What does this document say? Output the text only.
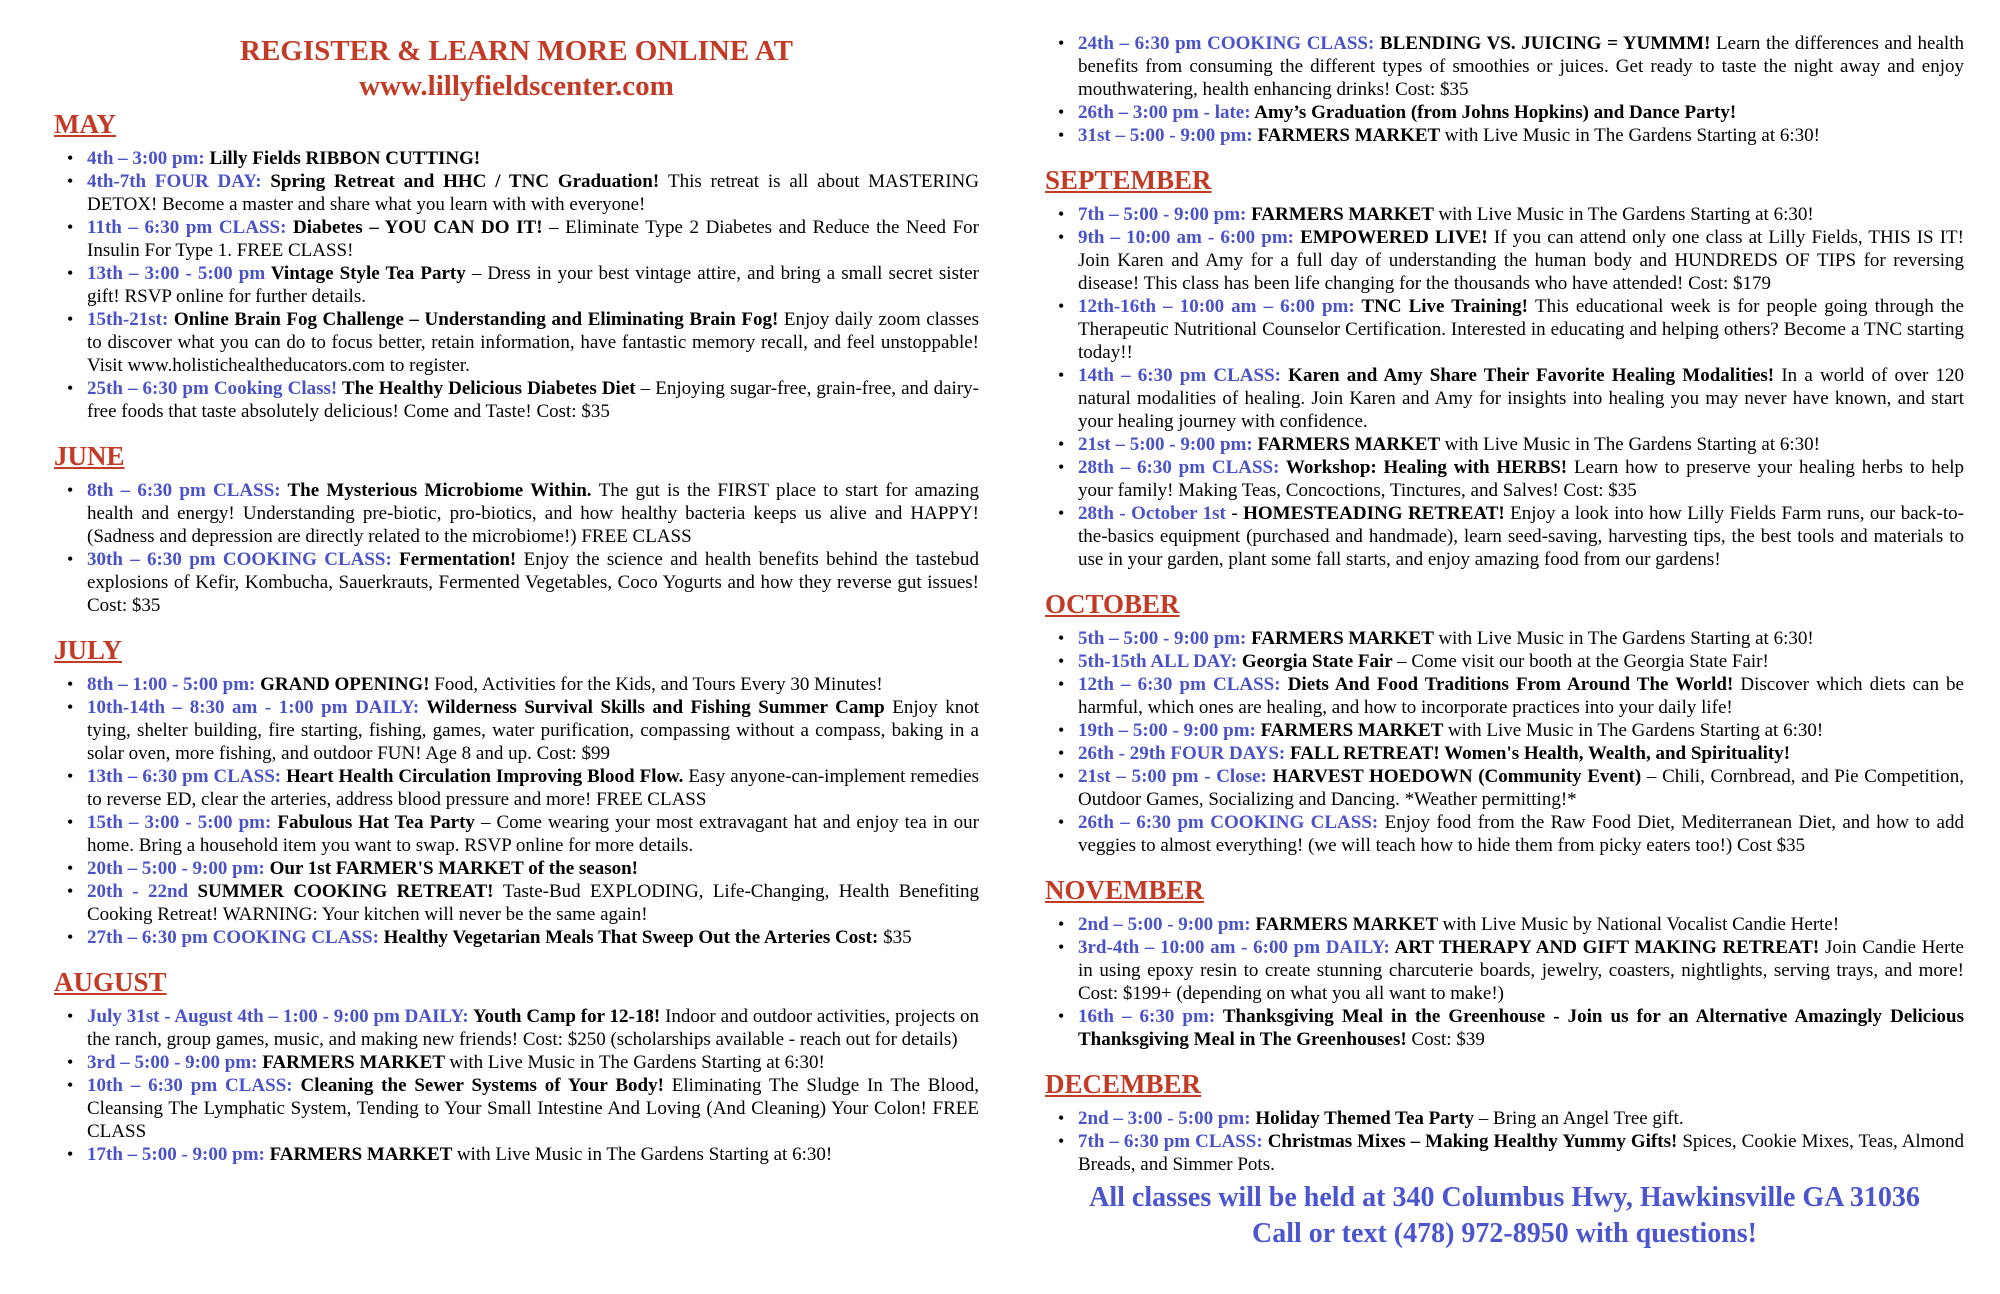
REGISTER & LEARN MORE ONLINE AT
www.lillyfieldscenter.com
MAY
• 4th – 3:00 pm: Lilly Fields RIBBON CUTTING!
• 4th-7th FOUR DAY: Spring Retreat and HHC / TNC Graduation! This retreat is all about MASTERING DETOX! Become a master and share what you learn with with everyone!
• 11th – 6:30 pm CLASS: Diabetes – YOU CAN DO IT! – Eliminate Type 2 Diabetes and Reduce the Need For Insulin For Type 1. FREE CLASS!
• 13th – 3:00 - 5:00 pm Vintage Style Tea Party – Dress in your best vintage attire, and bring a small secret sister gift! RSVP online for further details.
• 15th-21st: Online Brain Fog Challenge – Understanding and Eliminating Brain Fog! Enjoy daily zoom classes to discover what you can do to focus better, retain information, have fantastic memory recall, and feel unstoppable! Visit www.holistichealtheducators.com to register.
• 25th – 6:30 pm Cooking Class! The Healthy Delicious Diabetes Diet – Enjoying sugar-free, grain-free, and dairy-free foods that taste absolutely delicious! Come and Taste! Cost: $35
JUNE
• 8th – 6:30 pm CLASS: The Mysterious Microbiome Within. The gut is the FIRST place to start for amazing health and energy! Understanding pre-biotic, pro-biotics, and how healthy bacteria keeps us alive and HAPPY! (Sadness and depression are directly related to the microbiome!) FREE CLASS
• 30th – 6:30 pm COOKING CLASS: Fermentation! Enjoy the science and health benefits behind the tastebud explosions of Kefir, Kombucha, Sauerkrauts, Fermented Vegetables, Coco Yogurts and how they reverse gut issues! Cost: $35
JULY
• 8th – 1:00 - 5:00 pm: GRAND OPENING! Food, Activities for the Kids, and Tours Every 30 Minutes!
• 10th-14th – 8:30 am - 1:00 pm DAILY: Wilderness Survival Skills and Fishing Summer Camp Enjoy knot tying, shelter building, fire starting, fishing, games, water purification, compassing without a compass, baking in a solar oven, more fishing, and outdoor FUN! Age 8 and up. Cost: $99
• 13th – 6:30 pm CLASS: Heart Health Circulation Improving Blood Flow. Easy anyone-can-implement remedies to reverse ED, clear the arteries, address blood pressure and more! FREE CLASS
• 15th – 3:00 - 5:00 pm: Fabulous Hat Tea Party – Come wearing your most extravagant hat and enjoy tea in our home. Bring a household item you want to swap. RSVP online for more details.
• 20th – 5:00 - 9:00 pm: Our 1st FARMER'S MARKET of the season!
• 20th - 22nd SUMMER COOKING RETREAT! Taste-Bud EXPLODING, Life-Changing, Health Benefiting Cooking Retreat! WARNING: Your kitchen will never be the same again!
• 27th – 6:30 pm COOKING CLASS: Healthy Vegetarian Meals That Sweep Out the Arteries Cost: $35
AUGUST
• July 31st - August 4th – 1:00 - 9:00 pm DAILY: Youth Camp for 12-18! Indoor and outdoor activities, projects on the ranch, group games, music, and making new friends! Cost: $250 (scholarships available - reach out for details)
• 3rd – 5:00 - 9:00 pm: FARMERS MARKET with Live Music in The Gardens Starting at 6:30!
• 10th – 6:30 pm CLASS: Cleaning the Sewer Systems of Your Body! Eliminating The Sludge In The Blood, Cleansing The Lymphatic System, Tending to Your Small Intestine And Loving (And Cleaning) Your Colon! FREE CLASS
• 17th – 5:00 - 9:00 pm: FARMERS MARKET with Live Music in The Gardens Starting at 6:30!
• 24th – 6:30 pm COOKING CLASS: BLENDING VS. JUICING = YUMMM! Learn the differences and health benefits from consuming the different types of smoothies or juices. Get ready to taste the night away and enjoy mouthwatering, health enhancing drinks! Cost: $35
• 26th – 3:00 pm - late: Amy’s Graduation (from Johns Hopkins) and Dance Party!
• 31st – 5:00 - 9:00 pm: FARMERS MARKET with Live Music in The Gardens Starting at 6:30!
SEPTEMBER
• 7th – 5:00 - 9:00 pm: FARMERS MARKET with Live Music in The Gardens Starting at 6:30!
• 9th – 10:00 am - 6:00 pm: EMPOWERED LIVE! If you can attend only one class at Lilly Fields, THIS IS IT! Join Karen and Amy for a full day of understanding the human body and HUNDREDS OF TIPS for reversing disease! This class has been life changing for the thousands who have attended! Cost: $179
• 12th-16th – 10:00 am – 6:00 pm: TNC Live Training! This educational week is for people going through the Therapeutic Nutritional Counselor Certification. Interested in educating and helping others? Become a TNC starting today!!
• 14th – 6:30 pm CLASS: Karen and Amy Share Their Favorite Healing Modalities! In a world of over 120 natural modalities of healing. Join Karen and Amy for insights into healing you may never have known, and start your healing journey with confidence.
• 21st – 5:00 - 9:00 pm: FARMERS MARKET with Live Music in The Gardens Starting at 6:30!
• 28th – 6:30 pm CLASS: Workshop: Healing with HERBS! Learn how to preserve your healing herbs to help your family! Making Teas, Concoctions, Tinctures, and Salves! Cost: $35
• 28th - October 1st - HOMESTEADING RETREAT! Enjoy a look into how Lilly Fields Farm runs, our back-to-the-basics equipment (purchased and handmade), learn seed-saving, harvesting tips, the best tools and materials to use in your garden, plant some fall starts, and enjoy amazing food from our gardens!
OCTOBER
• 5th – 5:00 - 9:00 pm: FARMERS MARKET with Live Music in The Gardens Starting at 6:30!
• 5th-15th ALL DAY: Georgia State Fair – Come visit our booth at the Georgia State Fair!
• 12th – 6:30 pm CLASS: Diets And Food Traditions From Around The World! Discover which diets can be harmful, which ones are healing, and how to incorporate practices into your daily life!
• 19th – 5:00 - 9:00 pm: FARMERS MARKET with Live Music in The Gardens Starting at 6:30!
• 26th - 29th FOUR DAYS: FALL RETREAT! Women's Health, Wealth, and Spirituality!
• 21st – 5:00 pm - Close: HARVEST HOEDOWN (Community Event) – Chili, Cornbread, and Pie Competition, Outdoor Games, Socializing and Dancing. *Weather permitting!*
• 26th – 6:30 pm COOKING CLASS: Enjoy food from the Raw Food Diet, Mediterranean Diet, and how to add veggies to almost everything! (we will teach how to hide them from picky eaters too!) Cost $35
NOVEMBER
• 2nd – 5:00 - 9:00 pm: FARMERS MARKET with Live Music by National Vocalist Candie Herte!
• 3rd-4th – 10:00 am - 6:00 pm DAILY: ART THERAPY AND GIFT MAKING RETREAT! Join Candie Herte in using epoxy resin to create stunning charcuterie boards, jewelry, coasters, nightlights, serving trays, and more! Cost: $199+ (depending on what you all want to make!)
• 16th – 6:30 pm: Thanksgiving Meal in the Greenhouse - Join us for an Alternative Amazingly Delicious Thanksgiving Meal in The Greenhouses! Cost: $39
DECEMBER
• 2nd – 3:00 - 5:00 pm: Holiday Themed Tea Party – Bring an Angel Tree gift.
• 7th – 6:30 pm CLASS: Christmas Mixes – Making Healthy Yummy Gifts! Spices, Cookie Mixes, Teas, Almond Breads, and Simmer Pots.
All classes will be held at 340 Columbus Hwy, Hawkinsville GA 31036
Call or text (478) 972-8950 with questions!
